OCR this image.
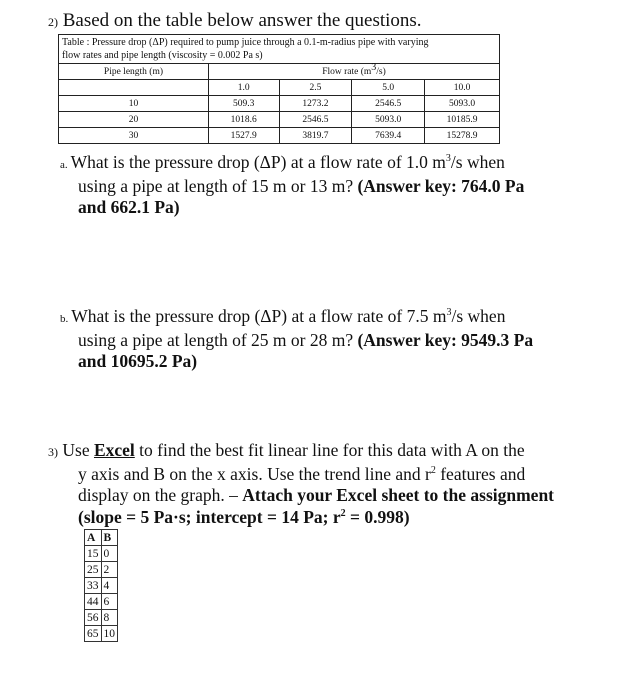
2) Based on the table below answer the questions.
Table : Pressure drop (ΔP) required to pump juice through a 0.1-m-radius pipe with varying
flow rates and pipe length (viscosity = 0.002 Pa s)				
Pipe length (m)	Flow rate $(m^3/s)$			
	1.0	2.5	5.0	10.0
10	509.3	1273.2	2546.5	5093.0
20	1018.6	2546.5	5093.0	10185.9
30	1527.9	3819.7	7639.4	15278.9
a. What is the pressure drop (ΔP) at a flow rate of 1.0 $m^3/s$ when
using a pipe at length of 15 m or 13 m? (Answer key: 764.0 Pa
and 662.1 Pa)
b. What is the pressure drop (ΔP) at a flow rate of 7.5 $m^3/s$ when
using a pipe at length of 25 m or 28 m? (Answer key: 9549.3 Pa
and 10695.2 Pa)
3) Use Excel to find the best fit linear line for this data with A on the
y axis and B on the x axis. Use the trend line and $r^2$ features and
display on the graph. – Attach your Excel sheet to the assignment
(slope = 5 Pa·s; intercept = 14 Pa; $r^2 = 0.998$)
A	B
15	0
25	2
33	4
44	6
56	8
65	10
